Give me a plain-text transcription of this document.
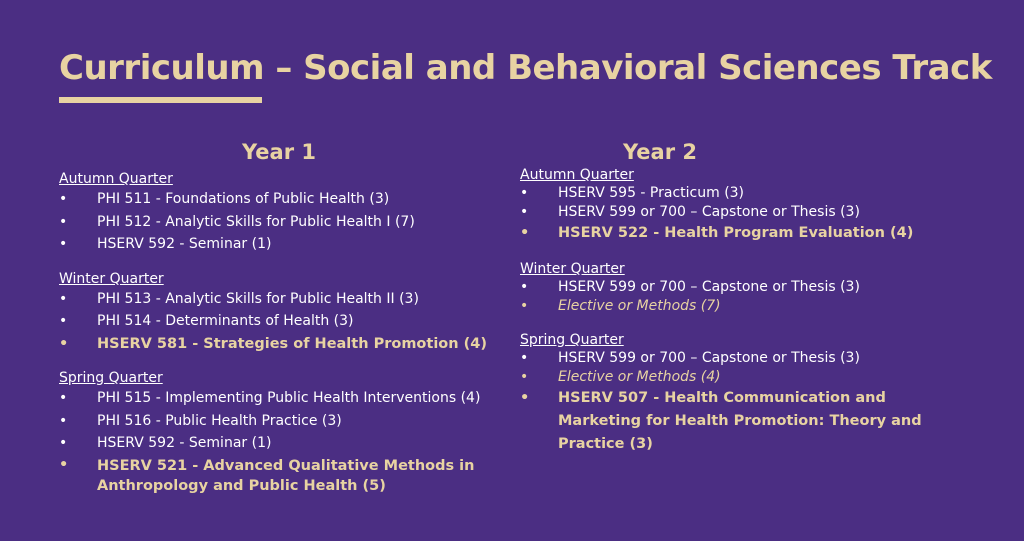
Curriculum – Social and Behavioral Sciences Track
Year 1
Autumn Quarter
• PHI 511 - Foundations of Public Health (3)
• PHI 512 - Analytic Skills for Public Health I (7)
• HSERV 592 - Seminar (1)
Winter Quarter
• PHI 513 - Analytic Skills for Public Health II (3)
• PHI 514 - Determinants of Health (3)
• HSERV 581 - Strategies of Health Promotion (4)
Spring Quarter
• PHI 515 - Implementing Public Health Interventions (4)
• PHI 516 - Public Health Practice (3)
• HSERV 592 - Seminar (1)
• HSERV 521 - Advanced Qualitative Methods in Anthropology and Public Health (5)
Year 2
Autumn Quarter
• HSERV 595 - Practicum (3)
• HSERV 599 or 700 – Capstone or Thesis (3)
• HSERV 522 - Health Program Evaluation (4)
Winter Quarter
• HSERV 599 or 700 – Capstone or Thesis (3)
• Elective or Methods (7)
Spring Quarter
• HSERV 599 or 700 – Capstone or Thesis (3)
• Elective or Methods (4)
• HSERV 507 - Health Communication and Marketing for Health Promotion: Theory and Practice (3)
